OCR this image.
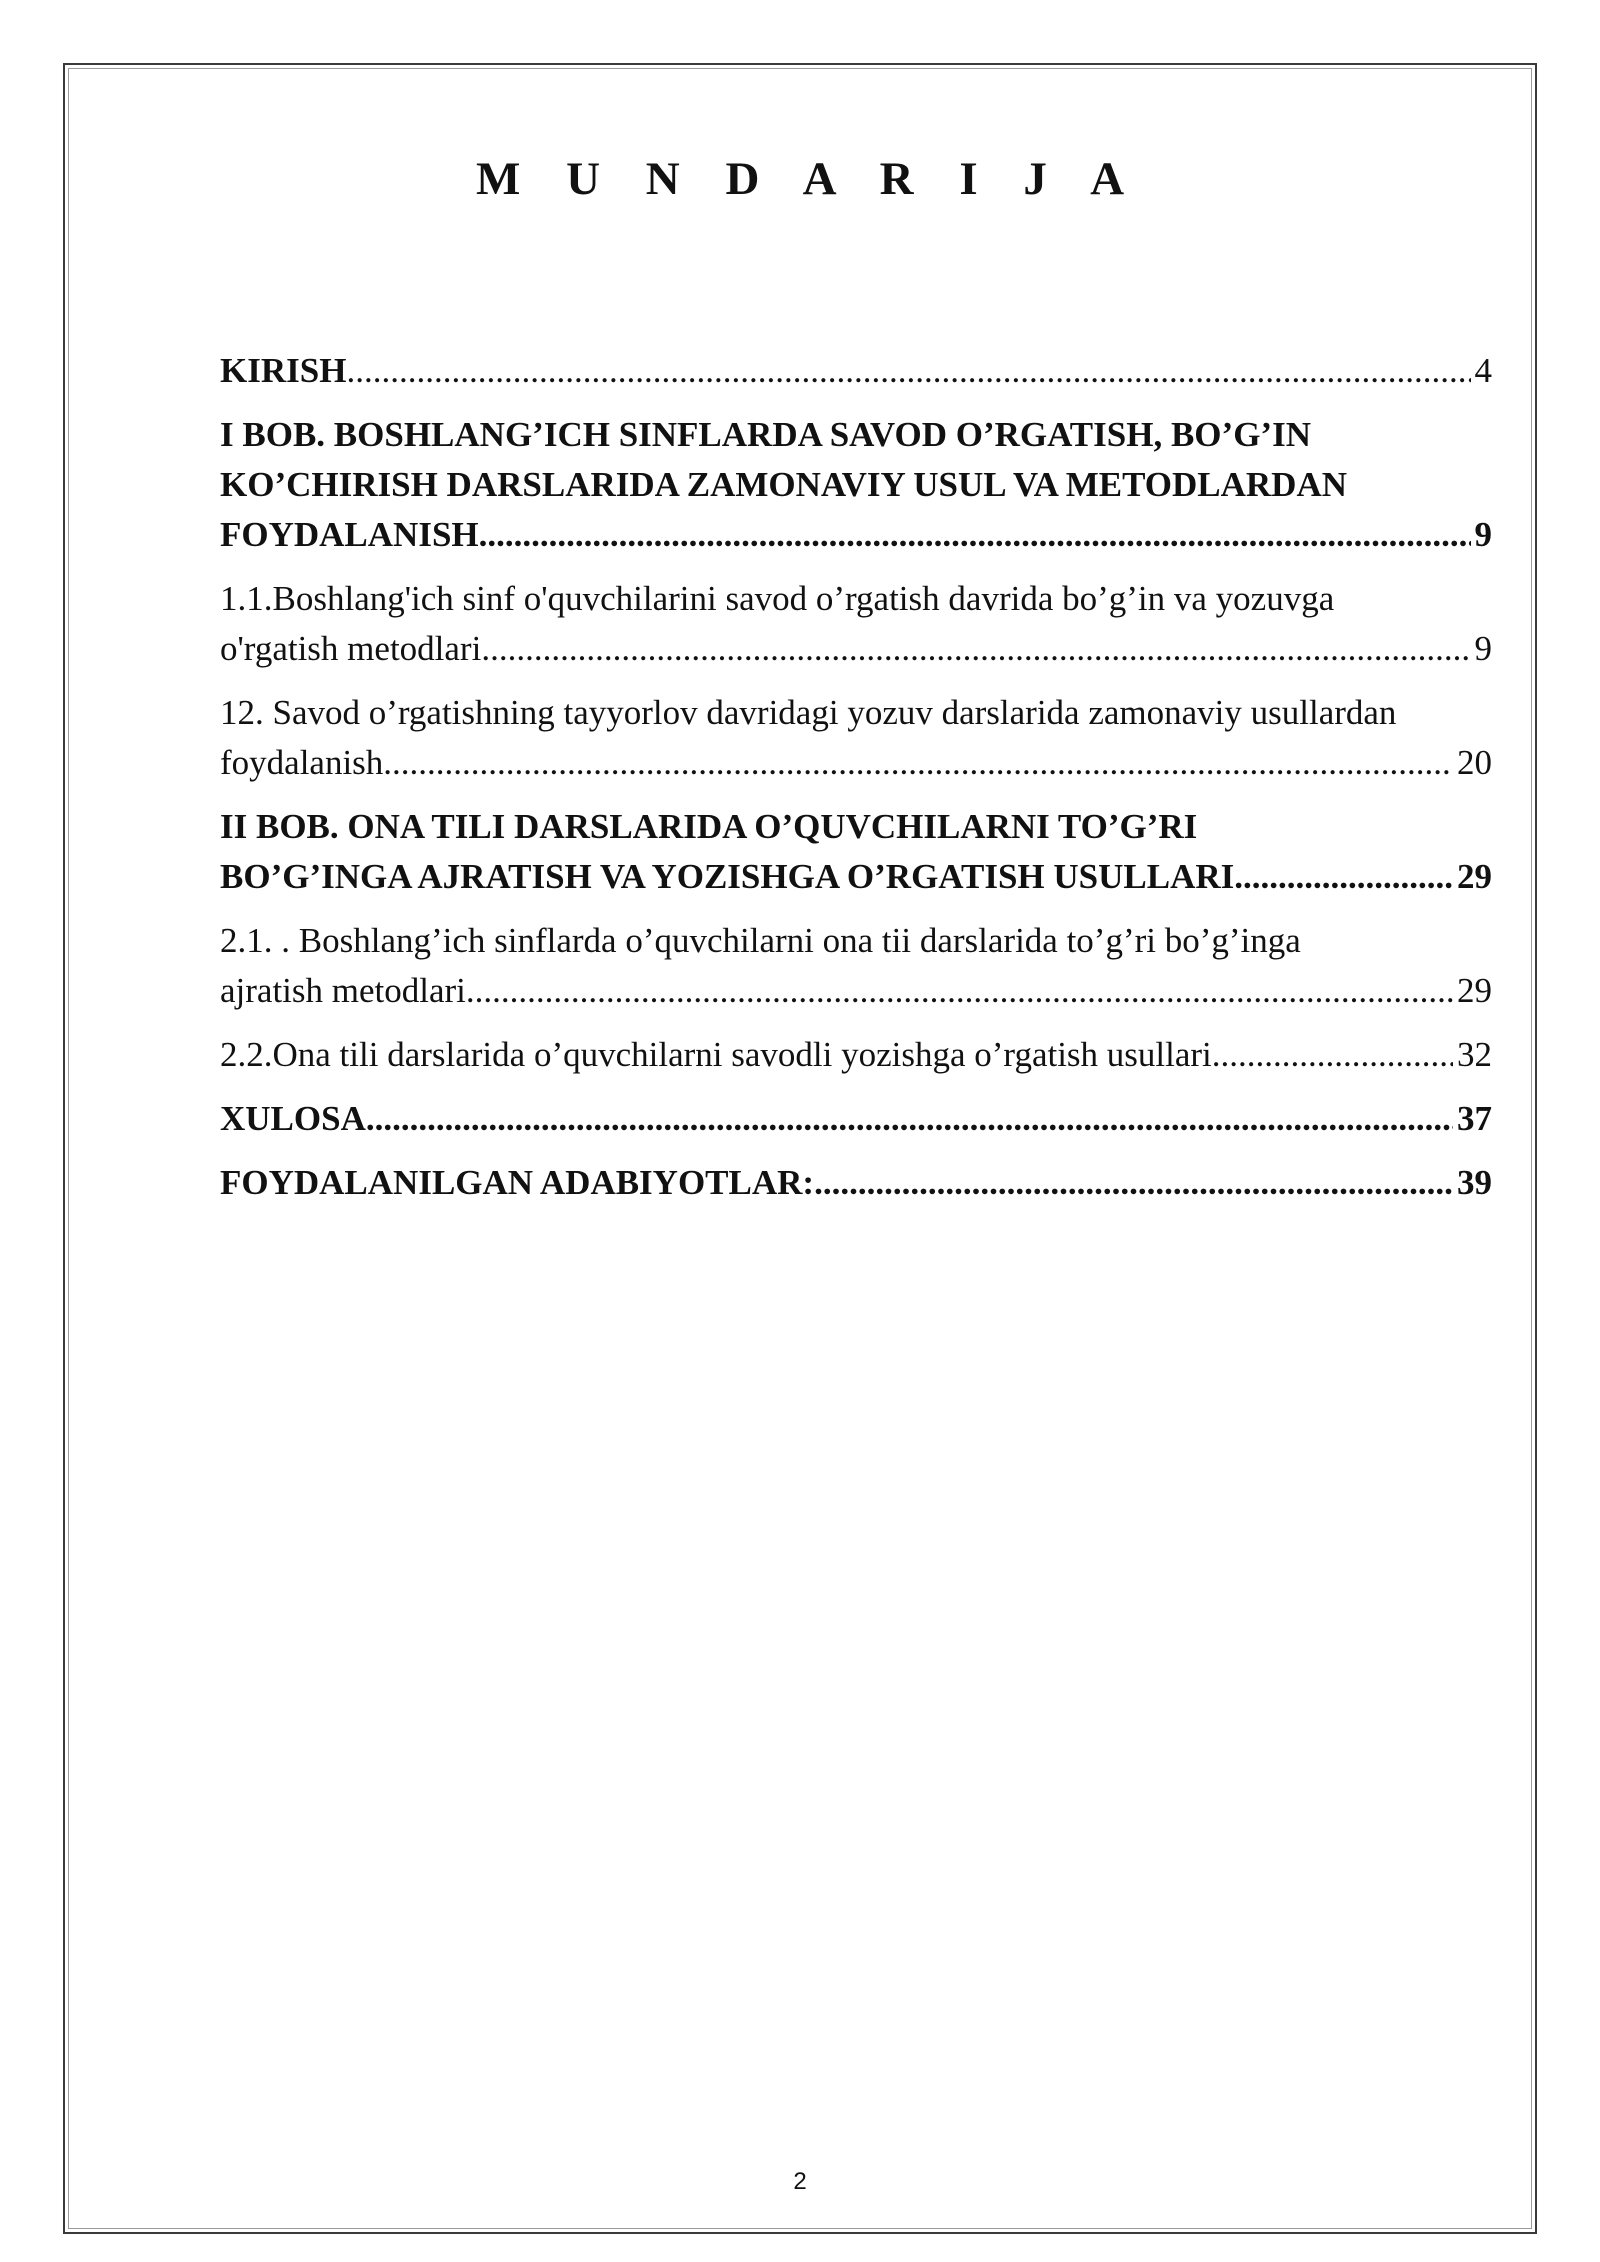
M U N D A R I J A
KIRISH .....	4
I BOB. BOSHLANG’ICH SINFLARDA SAVOD O’RGATISH, BO’G’IN
KO’CHIRISH DARSLARIDA ZAMONAVIY USUL VA METODLARDAN
FOYDALANISH .....	9
1.1.Boshlang'ich sinf o'quvchilarini savod o’rgatish davrida bo’g’in va yozuvga
o'rgatish metodlari .....	9
12. Savod o’rgatishning tayyorlov davridagi yozuv darslarida zamonaviy usullardan
foydalanish .....	20
II BOB. ONA TILI DARSLARIDA O’QUVCHILARNI TO’G’RI
BO’G’INGA AJRATISH VA YOZISHGA O’RGATISH USULLARI .....	29
2.1. . Boshlang’ich sinflarda o’quvchilarni ona tii darslarida to’g’ri bo’g’inga
ajratish metodlari .....	29
2.2.Ona tili darslarida o’quvchilarni savodli yozishga o’rgatish usullari .....	32
XULOSA .....	37
FOYDALANILGAN ADABIYOTLAR: .....	39
2
